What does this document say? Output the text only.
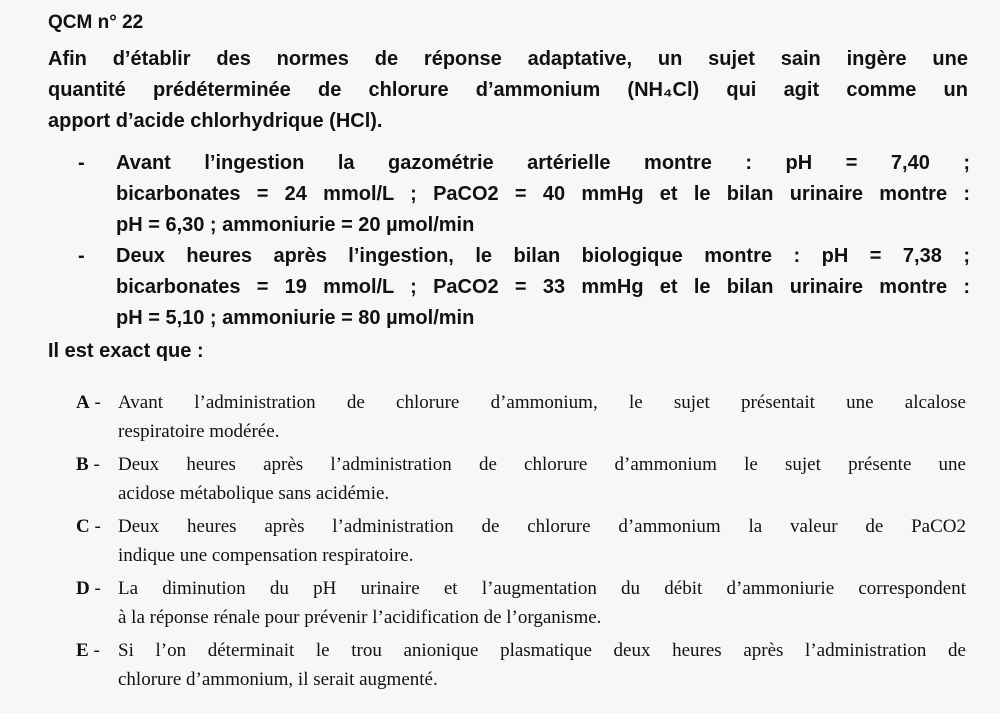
QCM n° 22
Afin d’établir des normes de réponse adaptative, un sujet sain ingère une
quantité prédéterminée de chlorure d’ammonium (NH₄Cl) qui agit comme un
apport d’acide chlorhydrique (HCl).
- Avant l’ingestion la gazométrie artérielle montre : pH = 7,40 ;
bicarbonates = 24 mmol/L ; PaCO2 = 40 mmHg et le bilan urinaire montre :
pH = 6,30 ; ammoniurie = 20 µmol/min
- Deux heures après l’ingestion, le bilan biologique montre : pH = 7,38 ;
bicarbonates = 19 mmol/L ; PaCO2 = 33 mmHg et le bilan urinaire montre :
pH = 5,10 ; ammoniurie = 80 µmol/min
Il est exact que :
A - Avant l’administration de chlorure d’ammonium, le sujet présentait une alcalose
respiratoire modérée.
B - Deux heures après l’administration de chlorure d’ammonium le sujet présente une
acidose métabolique sans acidémie.
C - Deux heures après l’administration de chlorure d’ammonium la valeur de PaCO2
indique une compensation respiratoire.
D - La diminution du pH urinaire et l’augmentation du débit d’ammoniurie correspondent
à la réponse rénale pour prévenir l’acidification de l’organisme.
E - Si l’on déterminait le trou anionique plasmatique deux heures après l’administration de
chlorure d’ammonium, il serait augmenté.
